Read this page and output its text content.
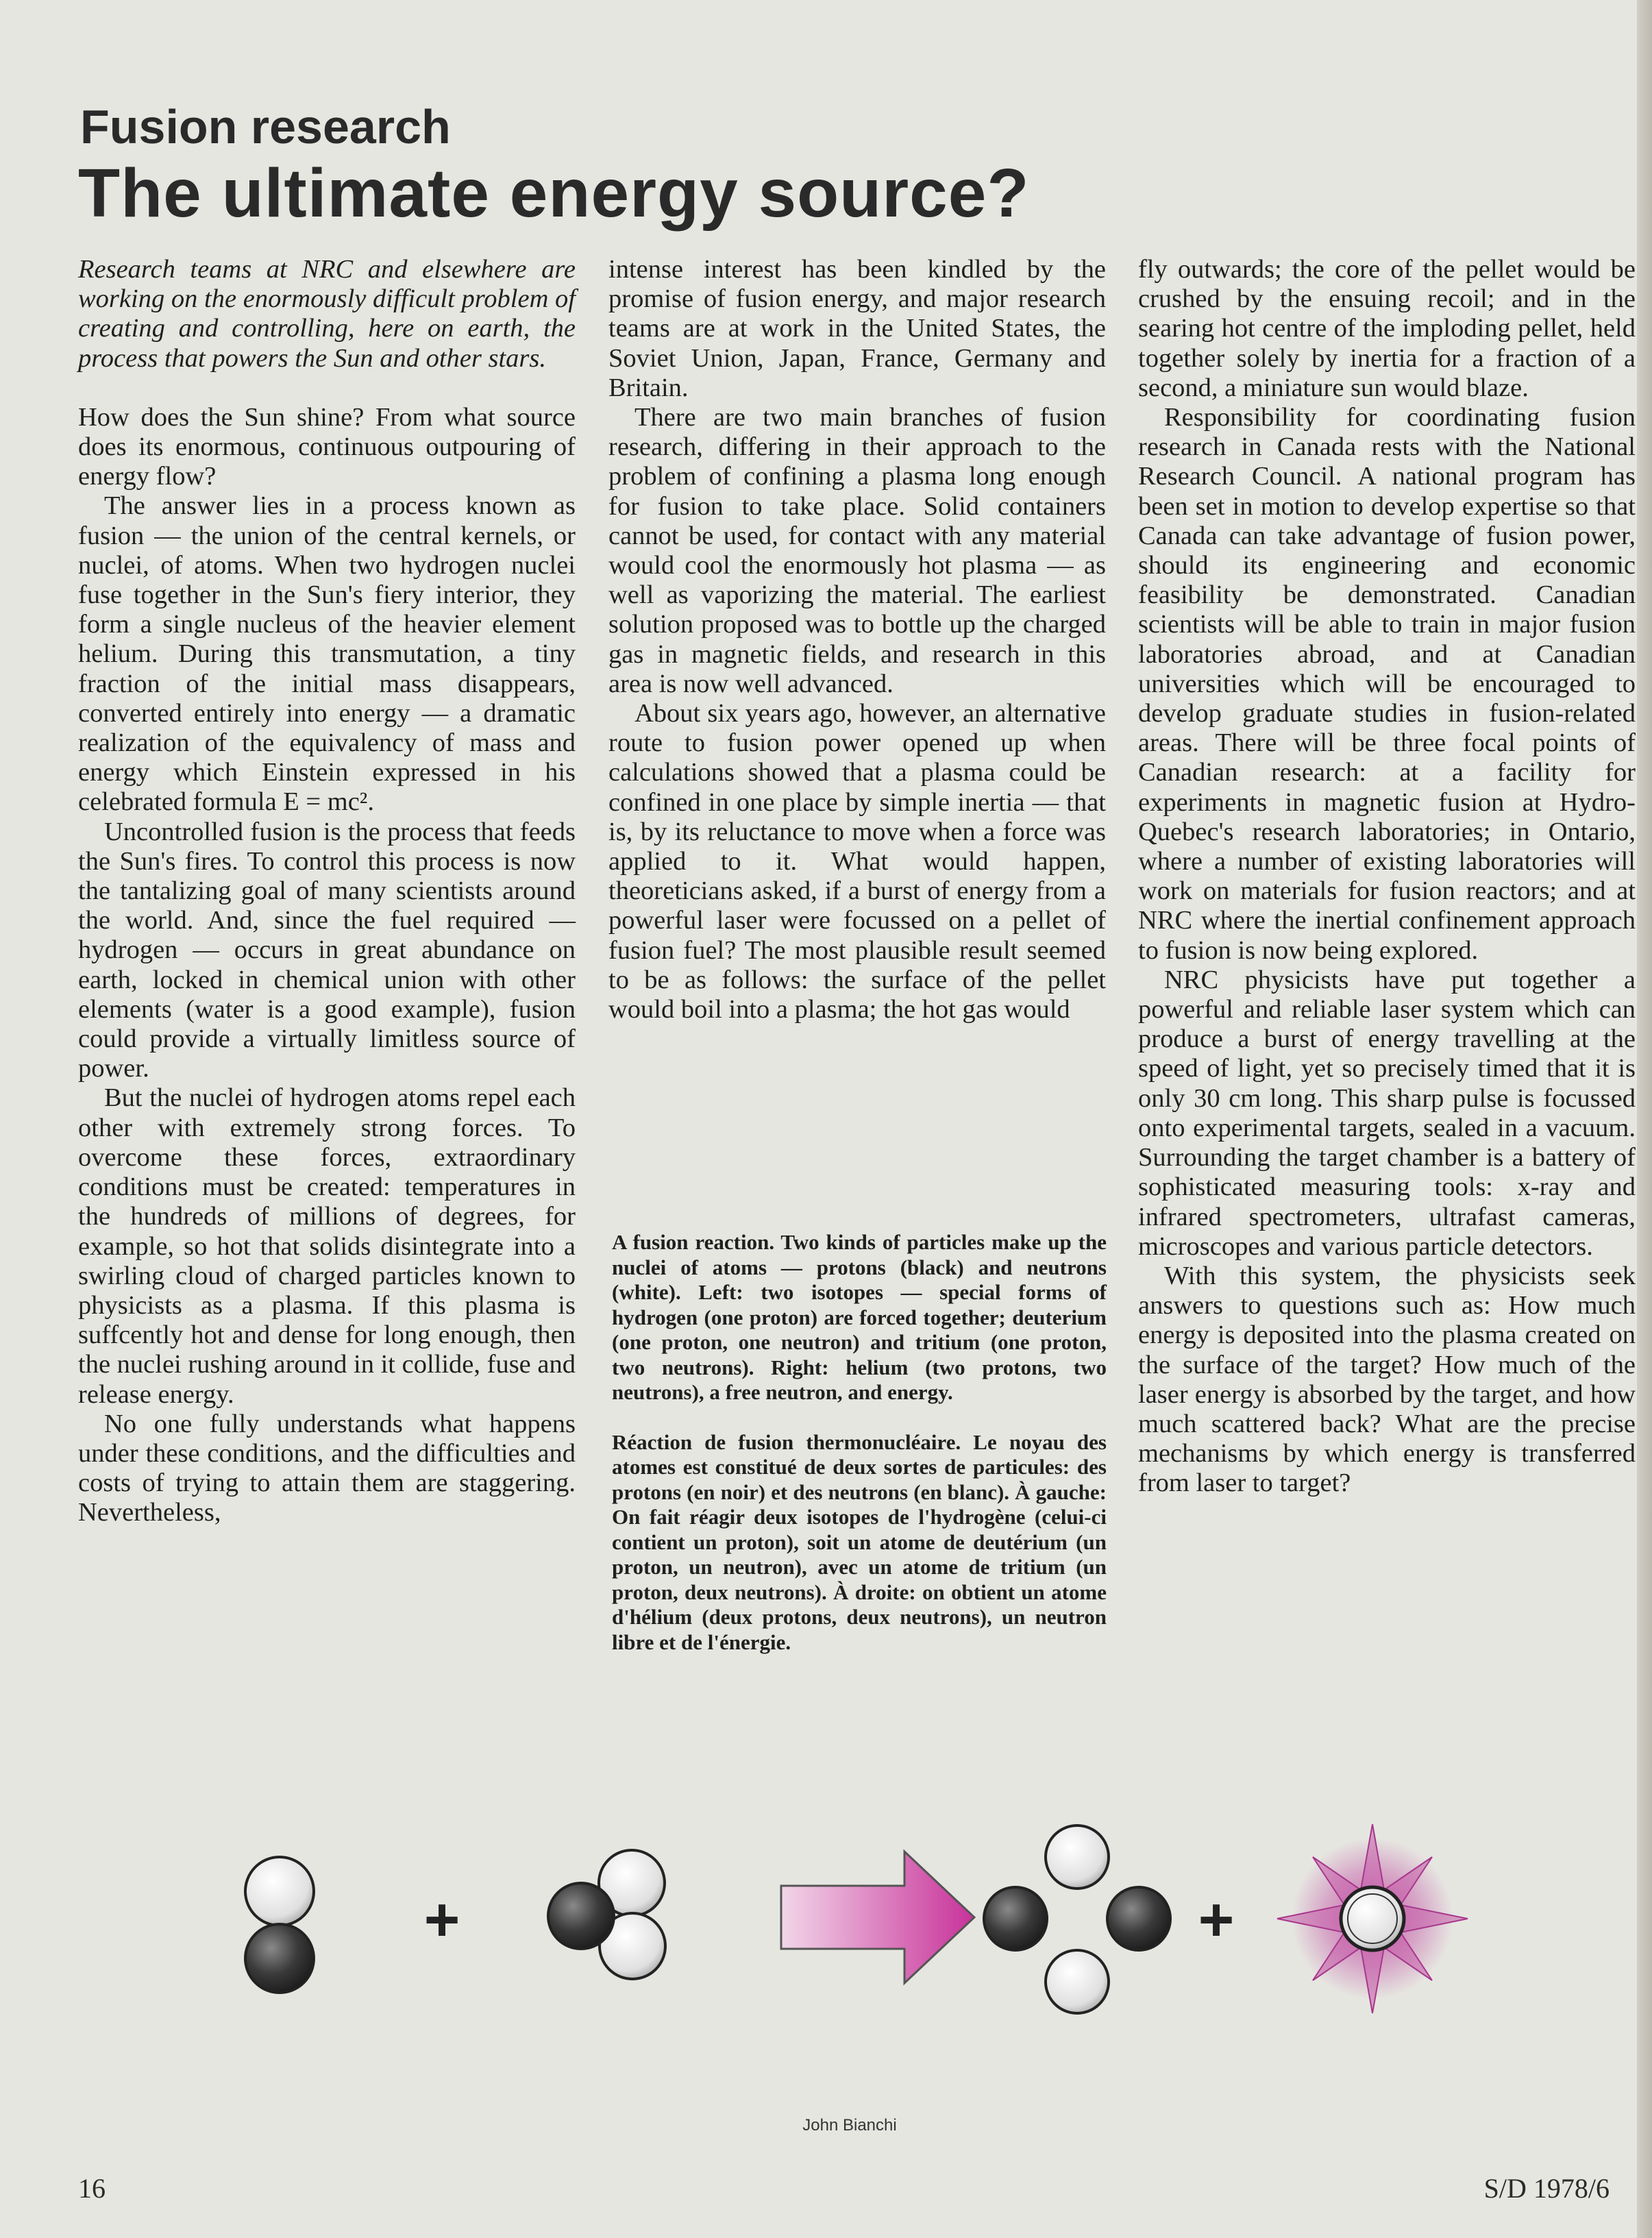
Fusion research
The ultimate energy source?

Research teams at NRC and elsewhere are working on the enormously difficult problem of creating and controlling, here on earth, the process that powers the Sun and other stars.

How does the Sun shine? From what source does its enormous, continuous outpouring of energy flow?

The answer lies in a process known as fusion — the union of the central kernels, or nuclei, of atoms. When two hydrogen nuclei fuse together in the Sun's fiery interior, they form a single nucleus of the heavier element helium. During this transmutation, a tiny fraction of the initial mass disappears, converted entirely into energy — a dramatic realization of the equivalency of mass and energy which Einstein expressed in his celebrated formula E = mc².

Uncontrolled fusion is the process that feeds the Sun's fires. To control this process is now the tantalizing goal of many scientists around the world. And, since the fuel required — hydrogen — occurs in great abundance on earth, locked in chemical union with other elements (water is a good example), fusion could provide a virtually limitless source of power.

But the nuclei of hydrogen atoms repel each other with extremely strong forces. To overcome these forces, extraordinary conditions must be created: temperatures in the hundreds of millions of degrees, for example, so hot that solids disintegrate into a swirling cloud of charged particles known to physicists as a plasma. If this plasma is suffcently hot and dense for long enough, then the nuclei rushing around in it collide, fuse and release energy.

No one fully understands what happens under these conditions, and the difficulties and costs of trying to attain them are staggering. Nevertheless,

intense interest has been kindled by the promise of fusion energy, and major research teams are at work in the United States, the Soviet Union, Japan, France, Germany and Britain.

There are two main branches of fusion research, differing in their approach to the problem of confining a plasma long enough for fusion to take place. Solid containers cannot be used, for contact with any material would cool the enormously hot plasma — as well as vaporizing the material. The earliest solution proposed was to bottle up the charged gas in magnetic fields, and research in this area is now well advanced.

About six years ago, however, an alternative route to fusion power opened up when calculations showed that a plasma could be confined in one place by simple inertia — that is, by its reluctance to move when a force was applied to it. What would happen, theoreticians asked, if a burst of energy from a powerful laser were focussed on a pellet of fusion fuel? The most plausible result seemed to be as follows: the surface of the pellet would boil into a plasma; the hot gas would

fly outwards; the core of the pellet would be crushed by the ensuing recoil; and in the searing hot centre of the imploding pellet, held together solely by inertia for a fraction of a second, a miniature sun would blaze.

Responsibility for coordinating fusion research in Canada rests with the National Research Council. A national program has been set in motion to develop expertise so that Canada can take advantage of fusion power, should its engineering and economic feasibility be demonstrated. Canadian scientists will be able to train in major fusion laboratories abroad, and at Canadian universities which will be encouraged to develop graduate studies in fusion-related areas. There will be three focal points of Canadian research: at a facility for experiments in magnetic fusion at Hydro-Quebec's research laboratories; in Ontario, where a number of existing laboratories will work on materials for fusion reactors; and at NRC where the inertial confinement approach to fusion is now being explored.

NRC physicists have put together a powerful and reliable laser system which can produce a burst of energy travelling at the speed of light, yet so precisely timed that it is only 30 cm long. This sharp pulse is focussed onto experimental targets, sealed in a vacuum. Surrounding the target chamber is a battery of sophisticated measuring tools: x-ray and infrared spectrometers, ultrafast cameras, microscopes and various particle detectors.

With this system, the physicists seek answers to questions such as: How much energy is deposited into the plasma created on the surface of the target? How much of the laser energy is absorbed by the target, and how much scattered back? What are the precise mechanisms by which energy is transferred from laser to target?

A fusion reaction. Two kinds of particles make up the nuclei of atoms — protons (black) and neutrons (white). Left: two isotopes — special forms of hydrogen (one proton) are forced together; deuterium (one proton, one neutron) and tritium (one proton, two neutrons). Right: helium (two protons, two neutrons), a free neutron, and energy.

Réaction de fusion thermonucléaire. Le noyau des atomes est constitué de deux sortes de particules: des protons (en noir) et des neutrons (en blanc). À gauche: On fait réagir deux isotopes de l'hydrogène (celui-ci contient un proton), soit un atome de deutérium (un proton, un neutron), avec un atome de tritium (un proton, deux neutrons). À droite: on obtient un atome d'hélium (deux protons, deux neutrons), un neutron libre et de l'énergie.

+	+
John Bianchi
16	S/D 1978/6
